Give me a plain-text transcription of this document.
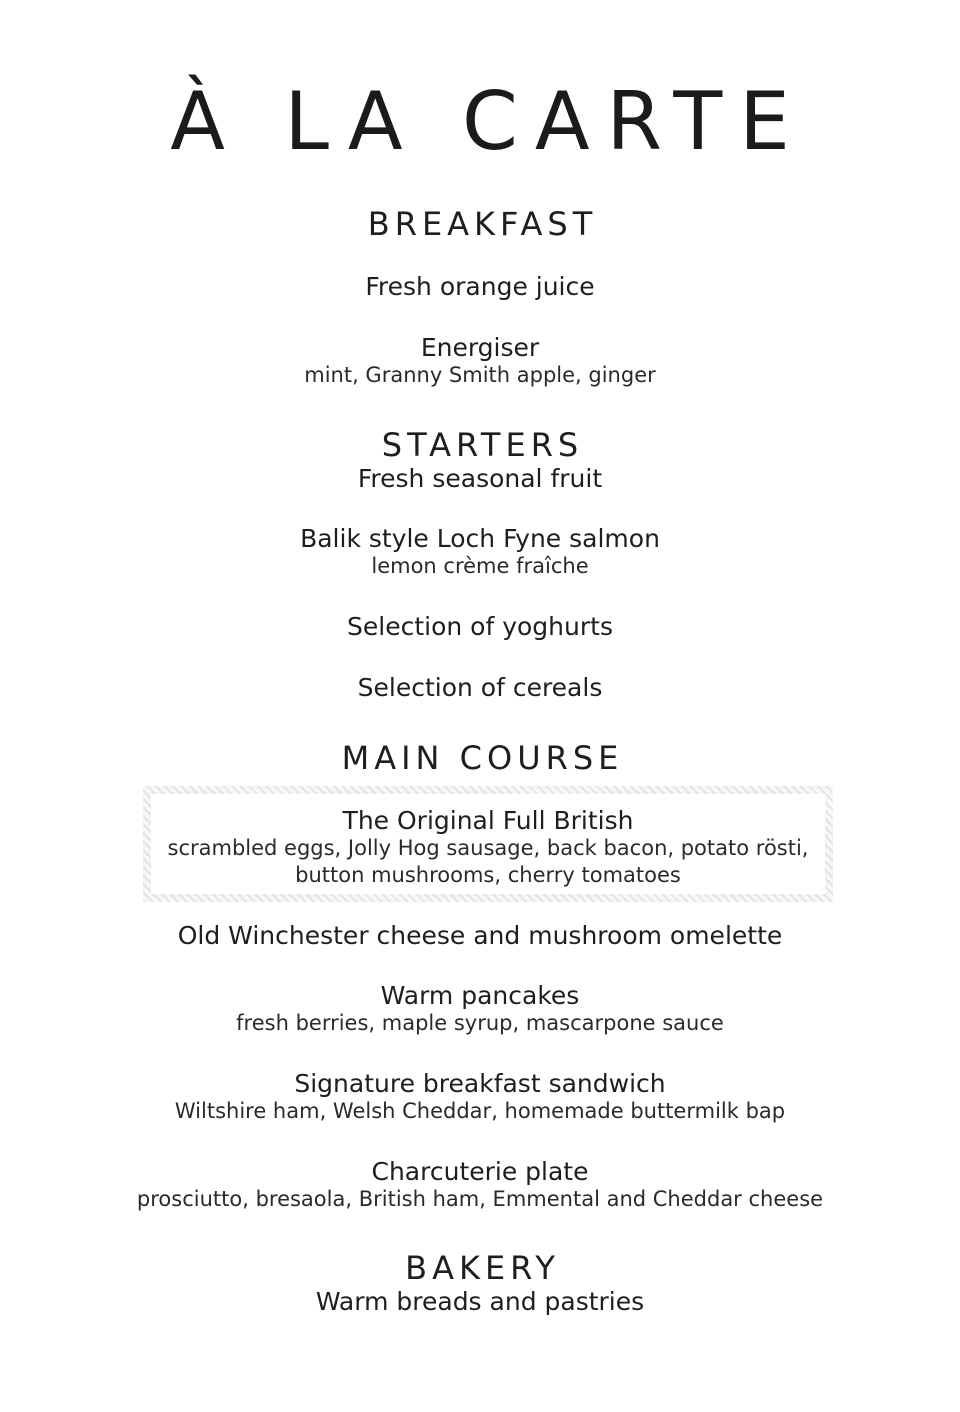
À LA CARTE
BREAKFAST

Fresh orange juice

Energiser

mint, Granny Smith apple, ginger

STARTERS

Fresh seasonal fruit

Balik style Loch Fyne salmon

lemon crème fraîche

Selection of yoghurts

Selection of cereals

MAIN COURSE

The Original Full British

scrambled eggs, Jolly Hog sausage, back bacon, potato rösti,

button mushrooms, cherry tomatoes

Old Winchester cheese and mushroom omelette

Warm pancakes

fresh berries, maple syrup, mascarpone sauce

Signature breakfast sandwich

Wiltshire ham, Welsh Cheddar, homemade buttermilk bap

Charcuterie plate

prosciutto, bresaola, British ham, Emmental and Cheddar cheese

BAKERY

Warm breads and pastries
